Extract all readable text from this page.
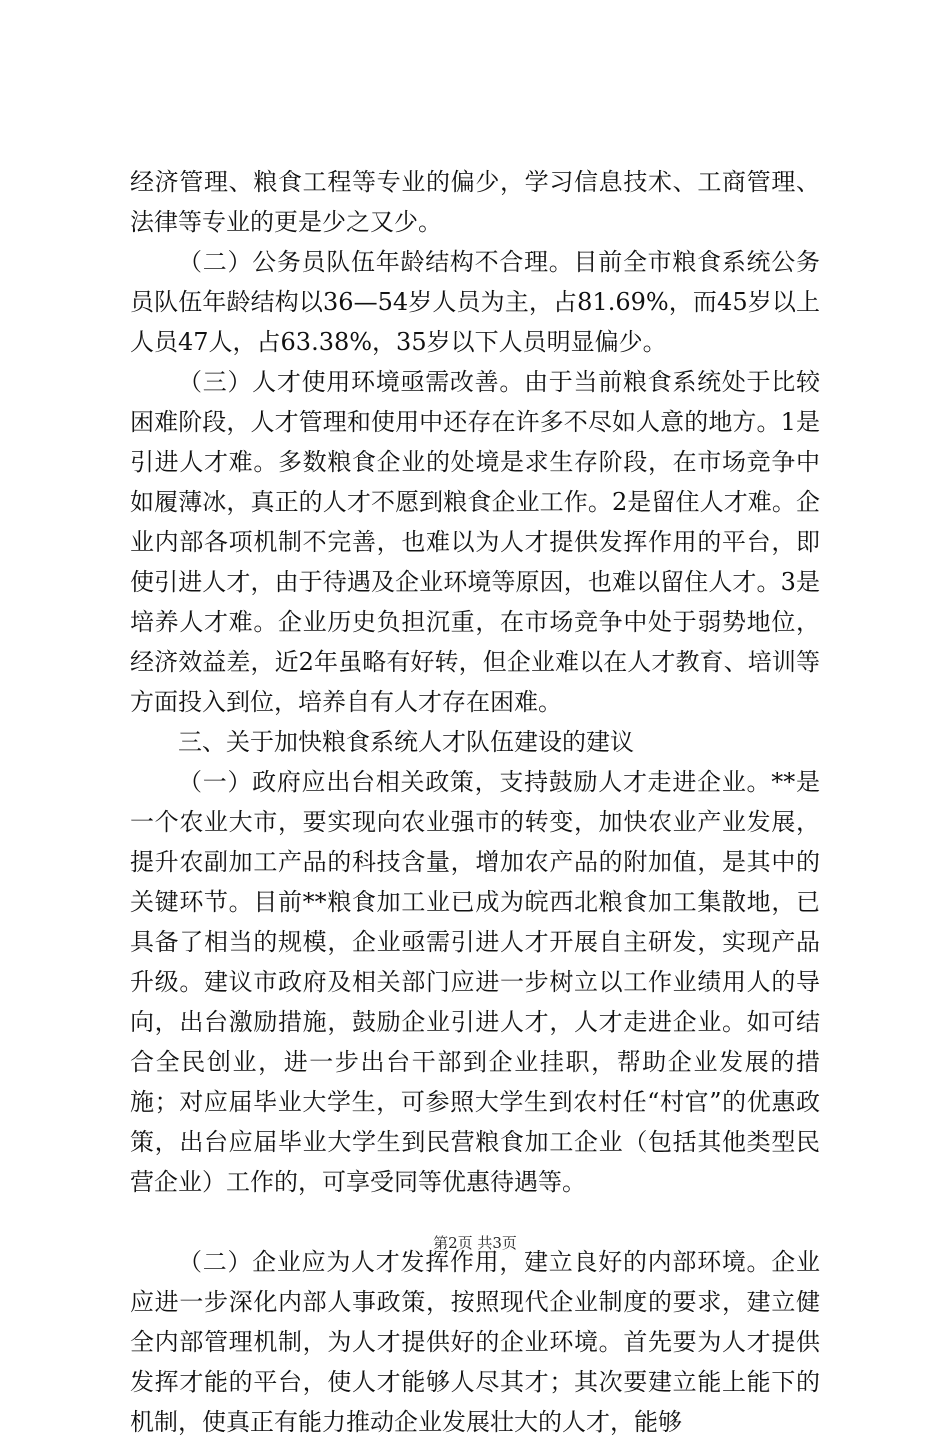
经济管理、粮食工程等专业的偏少，学习信息技术、工商管理、法律等专业的更是少之又少。

（二）公务员队伍年龄结构不合理。目前全市粮食系统公务员队伍年龄结构以36—54岁人员为主，占81.69%，而45岁以上人员47人，占63.38%，35岁以下人员明显偏少。

（三）人才使用环境亟需改善。由于当前粮食系统处于比较困难阶段，人才管理和使用中还存在许多不尽如人意的地方。1是引进人才难。多数粮食企业的处境是求生存阶段，在市场竞争中如履薄冰，真正的人才不愿到粮食企业工作。2是留住人才难。企业内部各项机制不完善，也难以为人才提供发挥作用的平台，即使引进人才，由于待遇及企业环境等原因，也难以留住人才。3是培养人才难。企业历史负担沉重，在市场竞争中处于弱势地位，经济效益差，近2年虽略有好转，但企业难以在人才教育、培训等方面投入到位，培养自有人才存在困难。

三、关于加快粮食系统人才队伍建设的建议

（一）政府应出台相关政策，支持鼓励人才走进企业。**是一个农业大市，要实现向农业强市的转变，加快农业产业发展，提升农副加工产品的科技含量，增加农产品的附加值，是其中的关键环节。目前**粮食加工业已成为皖西北粮食加工集散地，已具备了相当的规模，企业亟需引进人才开展自主研发，实现产品升级。建议市政府及相关部门应进一步树立以工作业绩用人的导向，出台激励措施，鼓励企业引进人才，人才走进企业。如可结合全民创业，进一步出台干部到企业挂职，帮助企业发展的措施；对应届毕业大学生，可参照大学生到农村任“村官”的优惠政策，出台应届毕业大学生到民营粮食加工企业（包括其他类型民营企业）工作的，可享受同等优惠待遇等。

（二）企业应为人才发挥作用，建立良好的内部环境。企业应进一步深化内部人事政策，按照现代企业制度的要求，建立健全内部管理机制，为人才提供好的企业环境。首先要为人才提供发挥才能的平台，使人才能够人尽其才；其次要建立能上能下的机制，使真正有能力推动企业发展壮大的人才，能够

第2页 共3页
